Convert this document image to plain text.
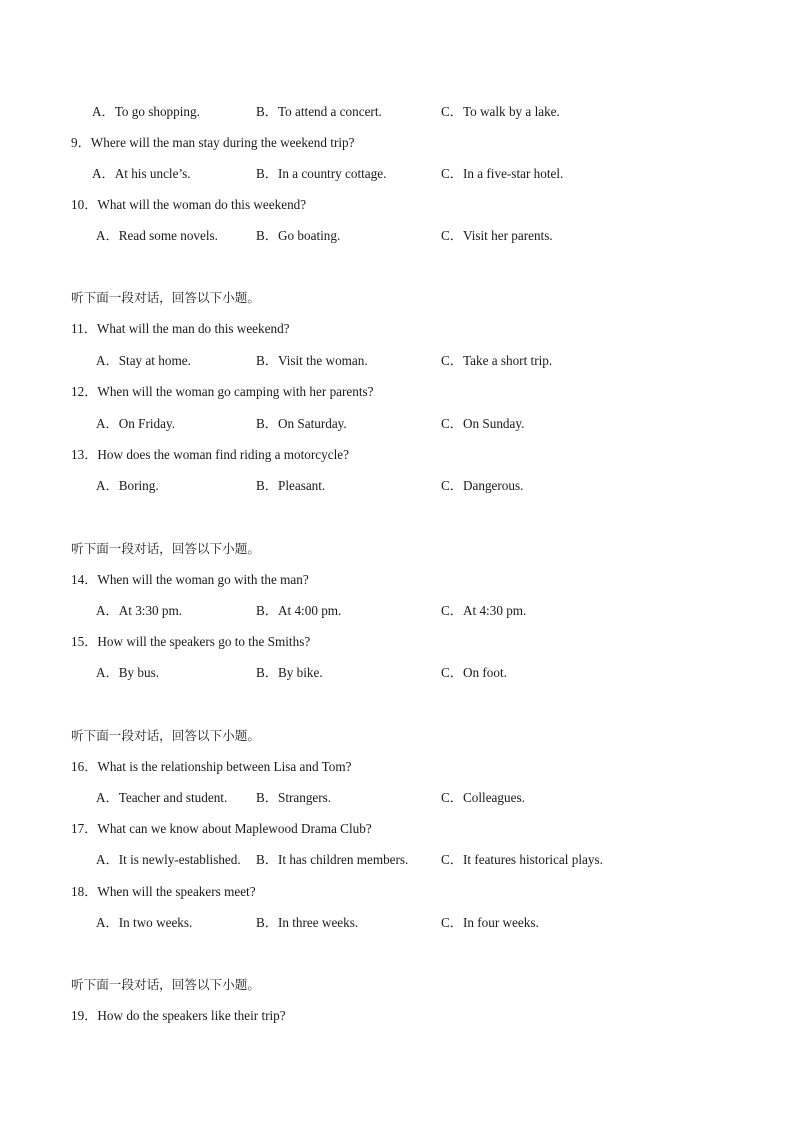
A．To go shopping.	B．To attend a concert.	C．To walk by a lake.
9．Where will the man stay during the weekend trip?
A．At his uncle’s.	B．In a country cottage.	C．In a five-star hotel.
10．What will the woman do this weekend?
A．Read some novels.	B．Go boating.	C．Visit her parents.
听下面一段对话，回答以下小题。
11．What will the man do this weekend?
A．Stay at home.	B．Visit the woman.	C．Take a short trip.
12．When will the woman go camping with her parents?
A．On Friday.	B．On Saturday.	C．On Sunday.
13．How does the woman find riding a motorcycle?
A．Boring.	B．Pleasant.	C．Dangerous.
听下面一段对话，回答以下小题。
14．When will the woman go with the man?
A．At 3:30 pm.	B．At 4:00 pm.	C．At 4:30 pm.
15．How will the speakers go to the Smiths?
A．By bus.	B．By bike.	C．On foot.
听下面一段对话，回答以下小题。
16．What is the relationship between Lisa and Tom?
A．Teacher and student. B．Strangers.	C．Colleagues.
17．What can we know about Maplewood Drama Club?
A．It is newly-established. B．It has children members. C．It features historical plays.
18．When will the speakers meet?
A．In two weeks.	B．In three weeks.	C．In four weeks.
听下面一段对话，回答以下小题。
19．How do the speakers like their trip?
